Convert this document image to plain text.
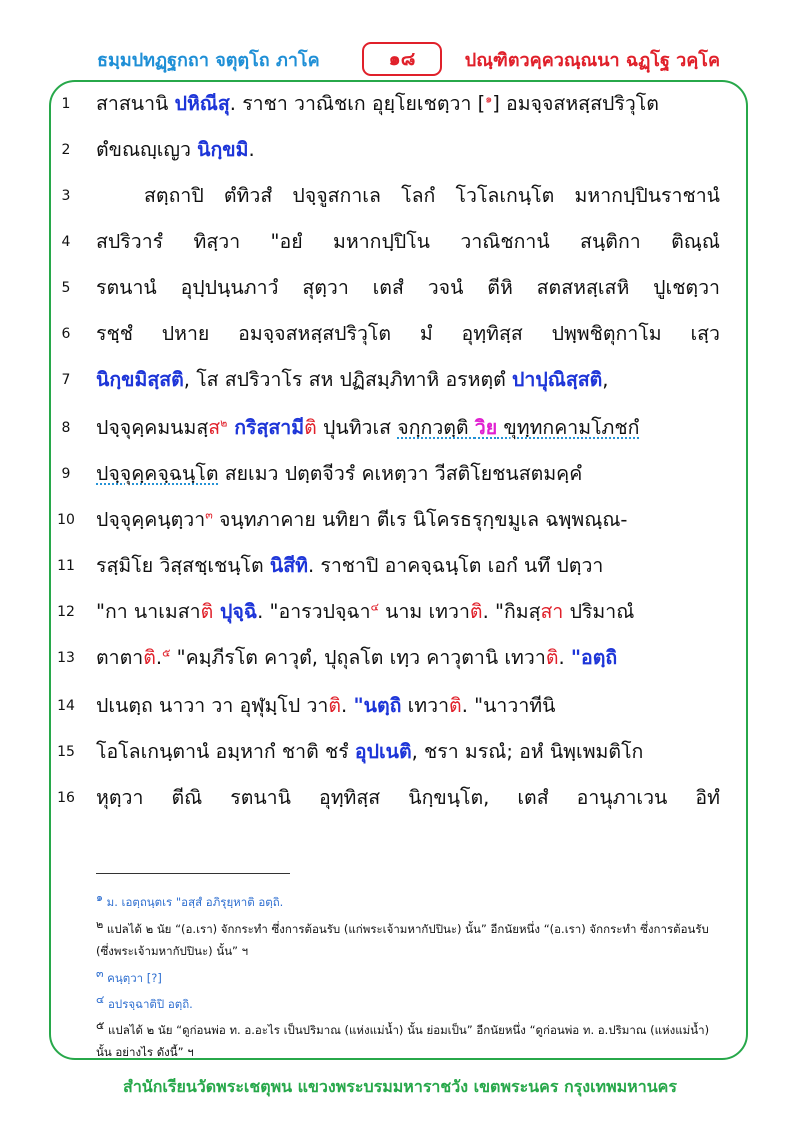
ธมฺมปทฏฺฐกถา จตุตฺโถ ภาโค	๑๘	ปณฺฑิตวคฺควณฺณนา ฉฏฺโฐ วคฺโค
1
2
3
4
5
6
7
8
9
10
11
12
13
14
15
16
สาสนานิ ปหิณีสุ. ราชา วาณิชเก อุยฺโยเชตฺวา [$^๑$] อมจฺจสหสฺสปริวุโต
ตํขณญฺเญว นิกฺขมิ.
สตฺถาปิ ตํทิวสํ ปจฺจูสกาเล โลกํ โวโลเกนฺโต มหากปฺปินราชานํ
สปริวารํ ทิสฺวา "อยํ มหากปฺปิโน วาณิชกานํ สนฺติกา ติณฺณํ
รตนานํ อุปฺปนฺนภาวํ สุตฺวา เตสํ วจนํ ตีหิ สตสหสฺเสหิ ปูเชตฺวา
รชฺชํ ปหาย อมจฺจสหสฺสปริวุโต มํ อุทฺทิสฺส ปพฺพชิตุกาโม เสฺว
นิกฺขมิสฺสติ, โส สปริวาโร สห ปฏิสมฺภิทาหิ อรหตฺตํ ปาปุณิสฺสติ,
ปจฺจุคฺคมนมสฺส$^๒$ กริสฺสามีติ ปุนทิวเส จกฺกวตฺติ วิย ขุทฺทกคามโภชกํ
ปจฺจุคฺคจฺฉนฺโต สยเมว ปตฺตจีวรํ คเหตฺวา วีสติโยชนสตมคฺคํ
ปจฺจุคฺคนฺตฺวา$^๓$ จนฺทภาคาย นทิยา ตีเร นิโครธรุกฺขมูเล ฉพฺพณฺณ-
รสฺมิโย วิสฺสชฺเชนฺโต นิสีทิ. ราชาปิ อาคจฺฉนฺโต เอกํ นทึ ปตฺวา
"กา นาเมสาติ ปุจฺฉิ. "อารวปจฺฉา$^๔$ นาม เทวาติ. "กิมสฺสา ปริมาณํ
ตาตาติ.$^๕$ "คมฺภีรโต คาวุตํ, ปุถุลโต เทฺว คาวุตานิ เทวาติ. "อตฺถิ
ปเนตฺถ นาวา วา อุฬุมฺโป วาติ. "นตฺถิ เทวาติ. "นาวาทีนิ
โอโลเกนฺตานํ อมฺหากํ ชาติ ชรํ อุปเนติ, ชรา มรณํ; อหํ นิพฺเพมติโก
หุตฺวา ตีณิ รตนานิ อุทฺทิสฺส นิกฺขนฺโต, เตสํ อานุภาเวน อิทํ
$^๑$ ม. เอตฺถนฺตเร "อสฺสํ อภิรุยฺหาติ อตฺถิ.
$^๒$ แปลได้ ๒ นัย “(อ.เรา) จักกระทำ ซึ่งการต้อนรับ (แก่พระเจ้ามหากัปปินะ) นั้น” อีกนัยหนึ่ง “(อ.เรา) จักกระทำ ซึ่งการต้อนรับ
(ซึ่งพระเจ้ามหากัปปินะ) นั้น” ฯ
$^๓$ คนฺตฺวา [?]
$^๔$ อปรจฺฉาติปิ อตฺถิ.
$^๕$ แปลได้ ๒ นัย “ดูก่อนพ่อ ท. อ.อะไร เป็นปริมาณ (แห่งแม่น้ำ) นั้น ย่อมเป็น” อีกนัยหนึ่ง “ดูก่อนพ่อ ท. อ.ปริมาณ (แห่งแม่น้ำ)
นั้น อย่างไร ดังนี้” ฯ
สำนักเรียนวัดพระเชตุพน แขวงพระบรมมหาราชวัง เขตพระนคร กรุงเทพมหานคร
